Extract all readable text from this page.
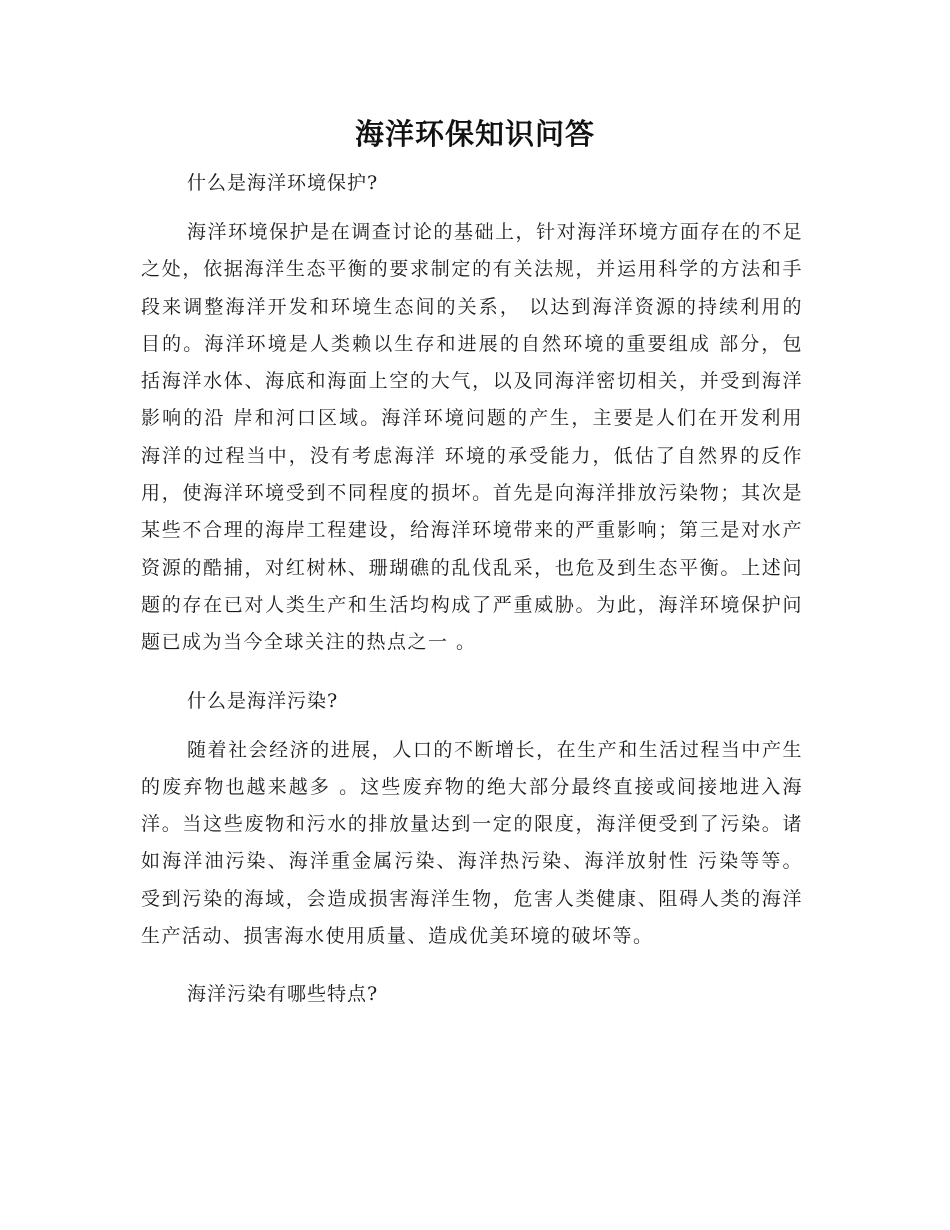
海洋环保知识问答

什么是海洋环境保护?

海洋环境保护是在调查讨论的基础上，针对海洋环境方面存在的不足之处，依据海洋生态平衡的要求制定的有关法规，并运用科学的方法和手段来调整海洋开发和环境生态间的关系， 以达到海洋资源的持续利用的目的。海洋环境是人类赖以生存和进展的自然环境的重要组成 部分，包括海洋水体、海底和海面上空的大气，以及同海洋密切相关，并受到海洋影响的沿 岸和河口区域。海洋环境问题的产生，主要是人们在开发利用海洋的过程当中，没有考虑海洋 环境的承受能力，低估了自然界的反作用，使海洋环境受到不同程度的损坏。首先是向海洋排放污染物；其次是某些不合理的海岸工程建设，给海洋环境带来的严重影响；第三是对水产资源的酷捕，对红树林、珊瑚礁的乱伐乱采，也危及到生态平衡。上述问题的存在已对人类生产和生活均构成了严重威胁。为此，海洋环境保护问题已成为当今全球关注的热点之一 。

什么是海洋污染?

随着社会经济的进展，人口的不断增长，在生产和生活过程当中产生的废弃物也越来越多 。这些废弃物的绝大部分最终直接或间接地进入海洋。当这些废物和污水的排放量达到一定的限度，海洋便受到了污染。诸如海洋油污染、海洋重金属污染、海洋热污染、海洋放射性 污染等等。受到污染的海域，会造成损害海洋生物，危害人类健康、阻碍人类的海洋生产活动、损害海水使用质量、造成优美环境的破坏等。

海洋污染有哪些特点?
